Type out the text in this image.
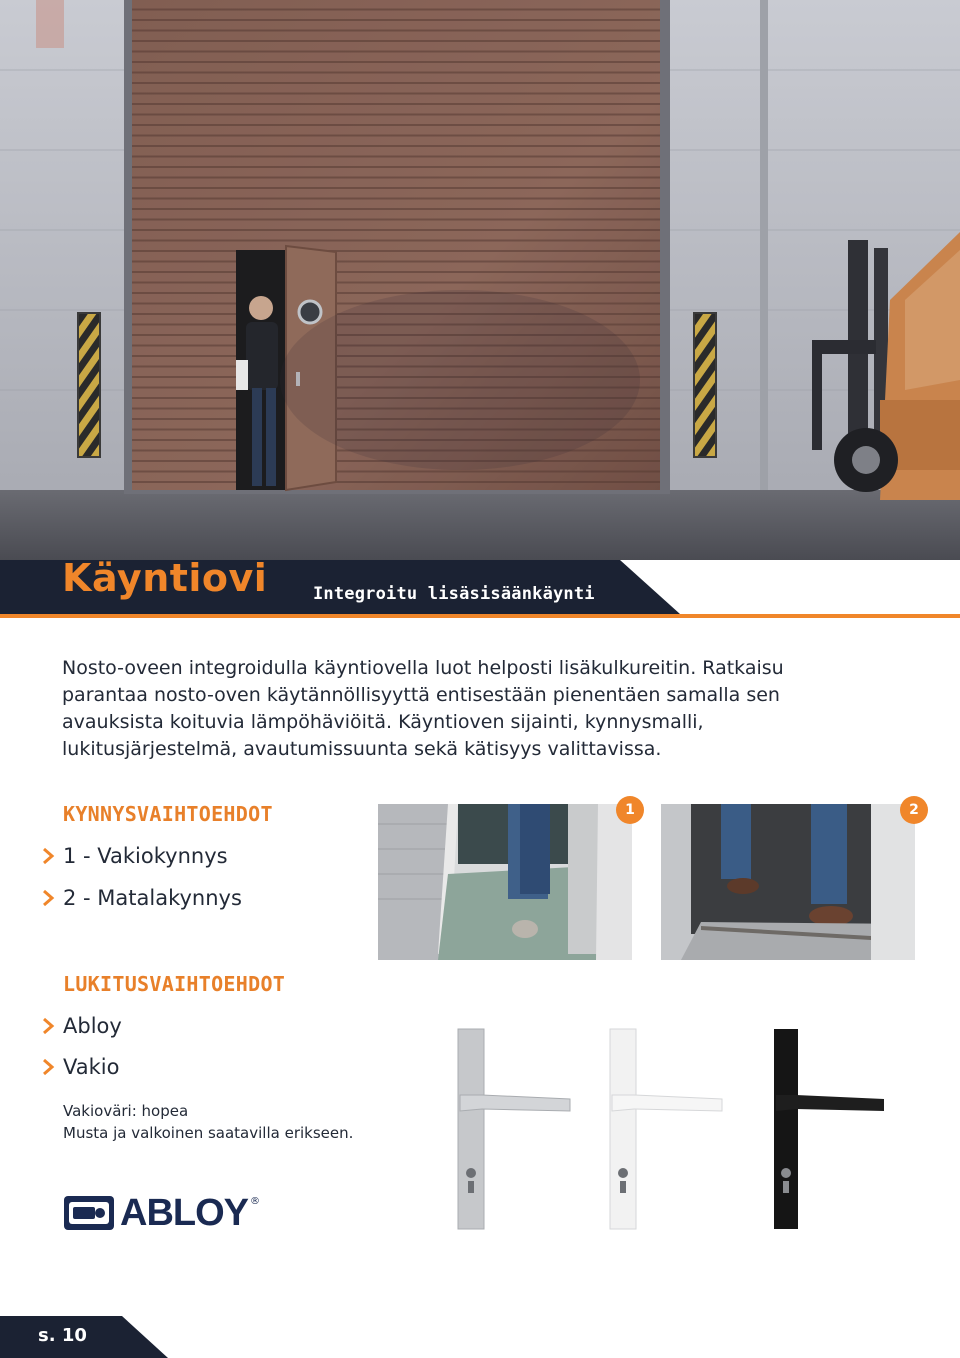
Käyntiovi	Integroitu lisäsisäänkäynti
Nosto-oveen integroidulla käyntiovella luot helposti lisäkulkureitin. Ratkaisu
parantaa nosto-oven käytännöllisyyttä entisestään pienentäen samalla sen
avauksista koituvia lämpöhäviöitä. Käyntioven sijainti, kynnysmalli,
lukitusjärjestelmä, avautumissuunta sekä kätisyys valittavissa.
KYNNYSVAIHTOEHDOT
1 - Vakiokynnys
2 - Matalakynnys
1	2
LUKITUSVAIHTOEHDOT
Abloy
Vakio
Vakioväri: hopea
Musta ja valkoinen saatavilla erikseen.
ABLOY ®
s. 10
